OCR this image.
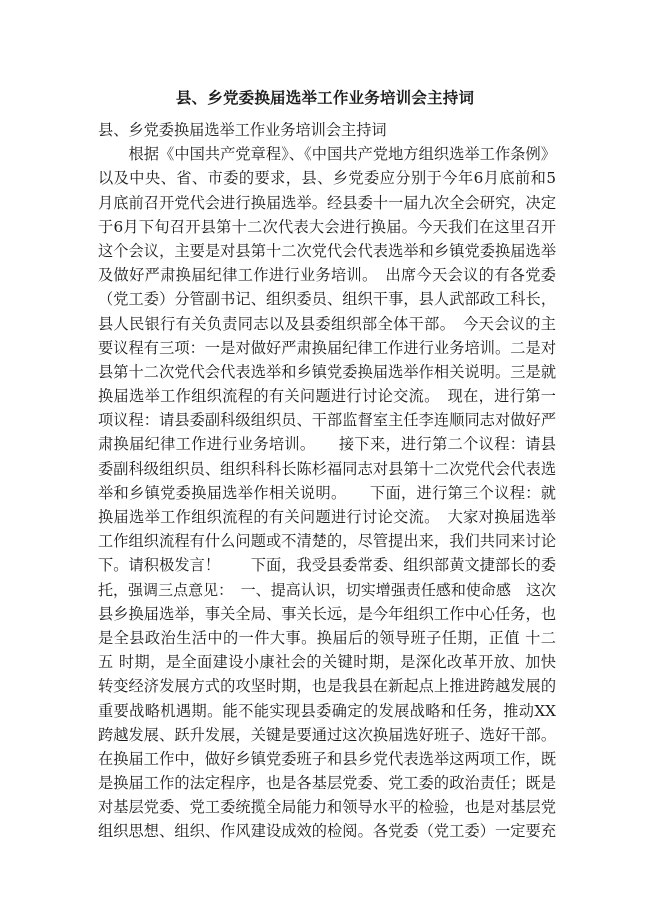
县、乡党委换届选举工作业务培训会主持词
县、乡党委换届选举工作业务培训会主持词
　　根据《中国共产党章程》、《中国共产党地方组织选举工作条例》
以及中央、省、市委的要求，县、乡党委应分别于今年6月底前和5
月底前召开党代会进行换届选举。经县委十一届九次全会研究，决定
于6月下旬召开县第十二次代表大会进行换届。今天我们在这里召开
这个会议，主要是对县第十二次党代会代表选举和乡镇党委换届选举
及做好严肃换届纪律工作进行业务培训。　出席今天会议的有各党委
（党工委）分管副书记、组织委员、组织干事，县人武部政工科长，
县人民银行有关负责同志以及县委组织部全体干部。　今天会议的主
要议程有三项：一是对做好严肃换届纪律工作进行业务培训。二是对
县第十二次党代会代表选举和乡镇党委换届选举作相关说明。三是就
换届选举工作组织流程的有关问题进行讨论交流。　现在，进行第一
项议程：请县委副科级组织员、干部监督室主任李连顺同志对做好严
肃换届纪律工作进行业务培训。　　接下来，进行第二个议程：请县
委副科级组织员、组织科科长陈杉福同志对县第十二次党代会代表选
举和乡镇党委换届选举作相关说明。　　下面，进行第三个议程：就
换届选举工作组织流程的有关问题进行讨论交流。　大家对换届选举
工作组织流程有什么问题或不清楚的，尽管提出来，我们共同来讨论
下。请积极发言！　　下面，我受县委常委、组织部黄文捷部长的委
托，强调三点意见：　一、提高认识，切实增强责任感和使命感　这次
县乡换届选举，事关全局、事关长远，是今年组织工作中心任务，也
是全县政治生活中的一件大事。换届后的领导班子任期，正值 十二
五 时期，是全面建设小康社会的关键时期，是深化改革开放、加快
转变经济发展方式的攻坚时期，也是我县在新起点上推进跨越发展的
重要战略机遇期。能不能实现县委确定的发展战略和任务，推动XX
跨越发展、跃升发展，关键是要通过这次换届选好班子、选好干部。
在换届工作中，做好乡镇党委班子和县乡党代表选举这两项工作，既
是换届工作的法定程序，也是各基层党委、党工委的政治责任；既是
对基层党委、党工委统揽全局能力和领导水平的检验，也是对基层党
组织思想、组织、作风建设成效的检阅。各党委（党工委）一定要充
